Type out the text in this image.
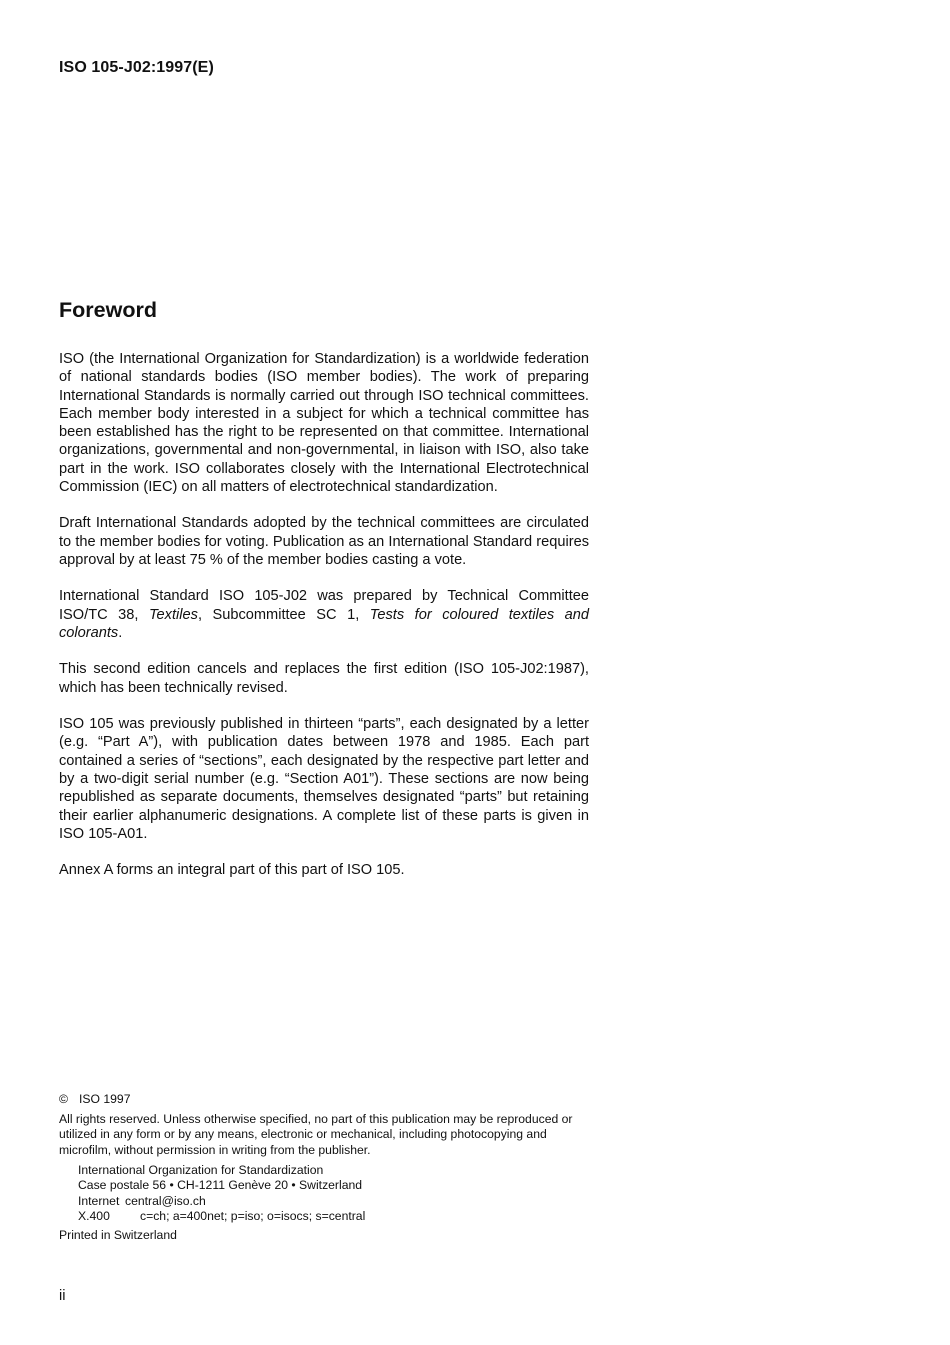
ISO 105-J02:1997(E)
Foreword

ISO (the International Organization for Standardization) is a worldwide federation of national standards bodies (ISO member bodies). The work of preparing International Standards is normally carried out through ISO technical committees. Each member body interested in a subject for which a technical committee has been established has the right to be represented on that committee. International organizations, governmental and non-governmental, in liaison with ISO, also take part in the work. ISO collaborates closely with the International Electrotechnical Commission (IEC) on all matters of electrotechnical standardization.

Draft International Standards adopted by the technical committees are circulated to the member bodies for voting. Publication as an International Standard requires approval by at least 75 % of the member bodies casting a vote.

International Standard ISO 105-J02 was prepared by Technical Committee ISO/TC 38, Textiles, Subcommittee SC 1, Tests for coloured textiles and colorants.

This second edition cancels and replaces the first edition (ISO 105-J02:1987), which has been technically revised.

ISO 105 was previously published in thirteen “parts”, each designated by a letter (e.g. “Part A”), with publication dates between 1978 and 1985. Each part contained a series of “sections”, each designated by the respective part letter and by a two-digit serial number (e.g. “Section A01”). These sections are now being republished as separate documents, themselves designated “parts” but retaining their earlier alphanumeric designations. A complete list of these parts is given in ISO 105-A01.

Annex A forms an integral part of this part of ISO 105.

© ISO 1997
All rights reserved. Unless otherwise specified, no part of this publication may be reproduced or utilized in any form or by any means, electronic or mechanical, including photocopying and microfilm, without permission in writing from the publisher.
International Organization for Standardization
Case postale 56 • CH-1211 Genève 20 • Switzerland
Internet central@iso.ch
X.400 c=ch; a=400net; p=iso; o=isocs; s=central
Printed in Switzerland
ii
